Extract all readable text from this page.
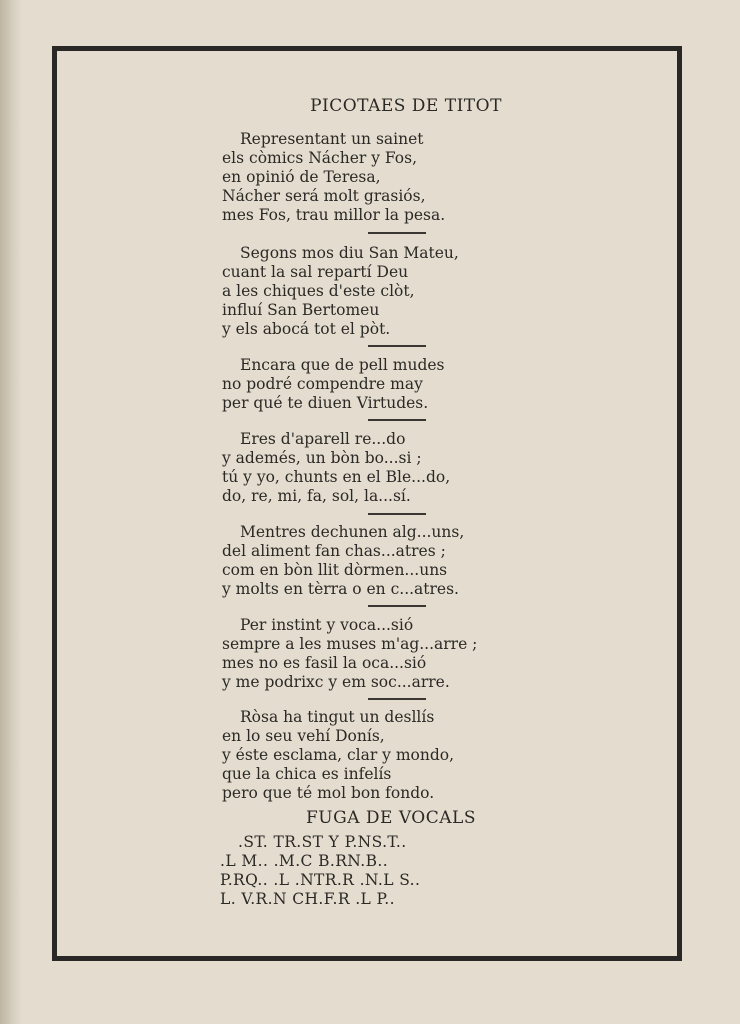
PICOTAES DE TITOT
Representant un sainet
els còmics Nácher y Fos,
en opinió de Teresa,
Nácher será molt grasiós,
mes Fos, trau millor la pesa.
Segons mos diu San Mateu,
cuant la sal repartí Deu
a les chiques d'este clòt,
influí San Bertomeu
y els abocá tot el pòt.
Encara que de pell mudes
no podré compendre may
per qué te diuen Virtudes.
Eres d'aparell re...do
y ademés, un bòn bo...si ;
tú y yo, chunts en el Ble...do,
do, re, mi, fa, sol, la...sí.
Mentres dechunen alg...uns,
del aliment fan chas...atres ;
com en bòn llit dòrmen...uns
y molts en tèrra o en c...atres.
Per instint y voca...sió
sempre a les muses m'ag...arre ;
mes no es fasil la oca...sió
y me podrixc y em soc...arre.
Ròsa ha tingut un desllís
en lo seu vehí Donís,
y éste esclama, clar y mondo,
que la chica es infelís
pero que té mol bon fondo.
FUGA DE VOCALS
.ST. TR.ST Y P.NS.T..
.L M.. .M.C B.RN.B..
P.RQ.. .L .NTR.R .N.L S..
L. V.R.N CH.F.R .L P..
